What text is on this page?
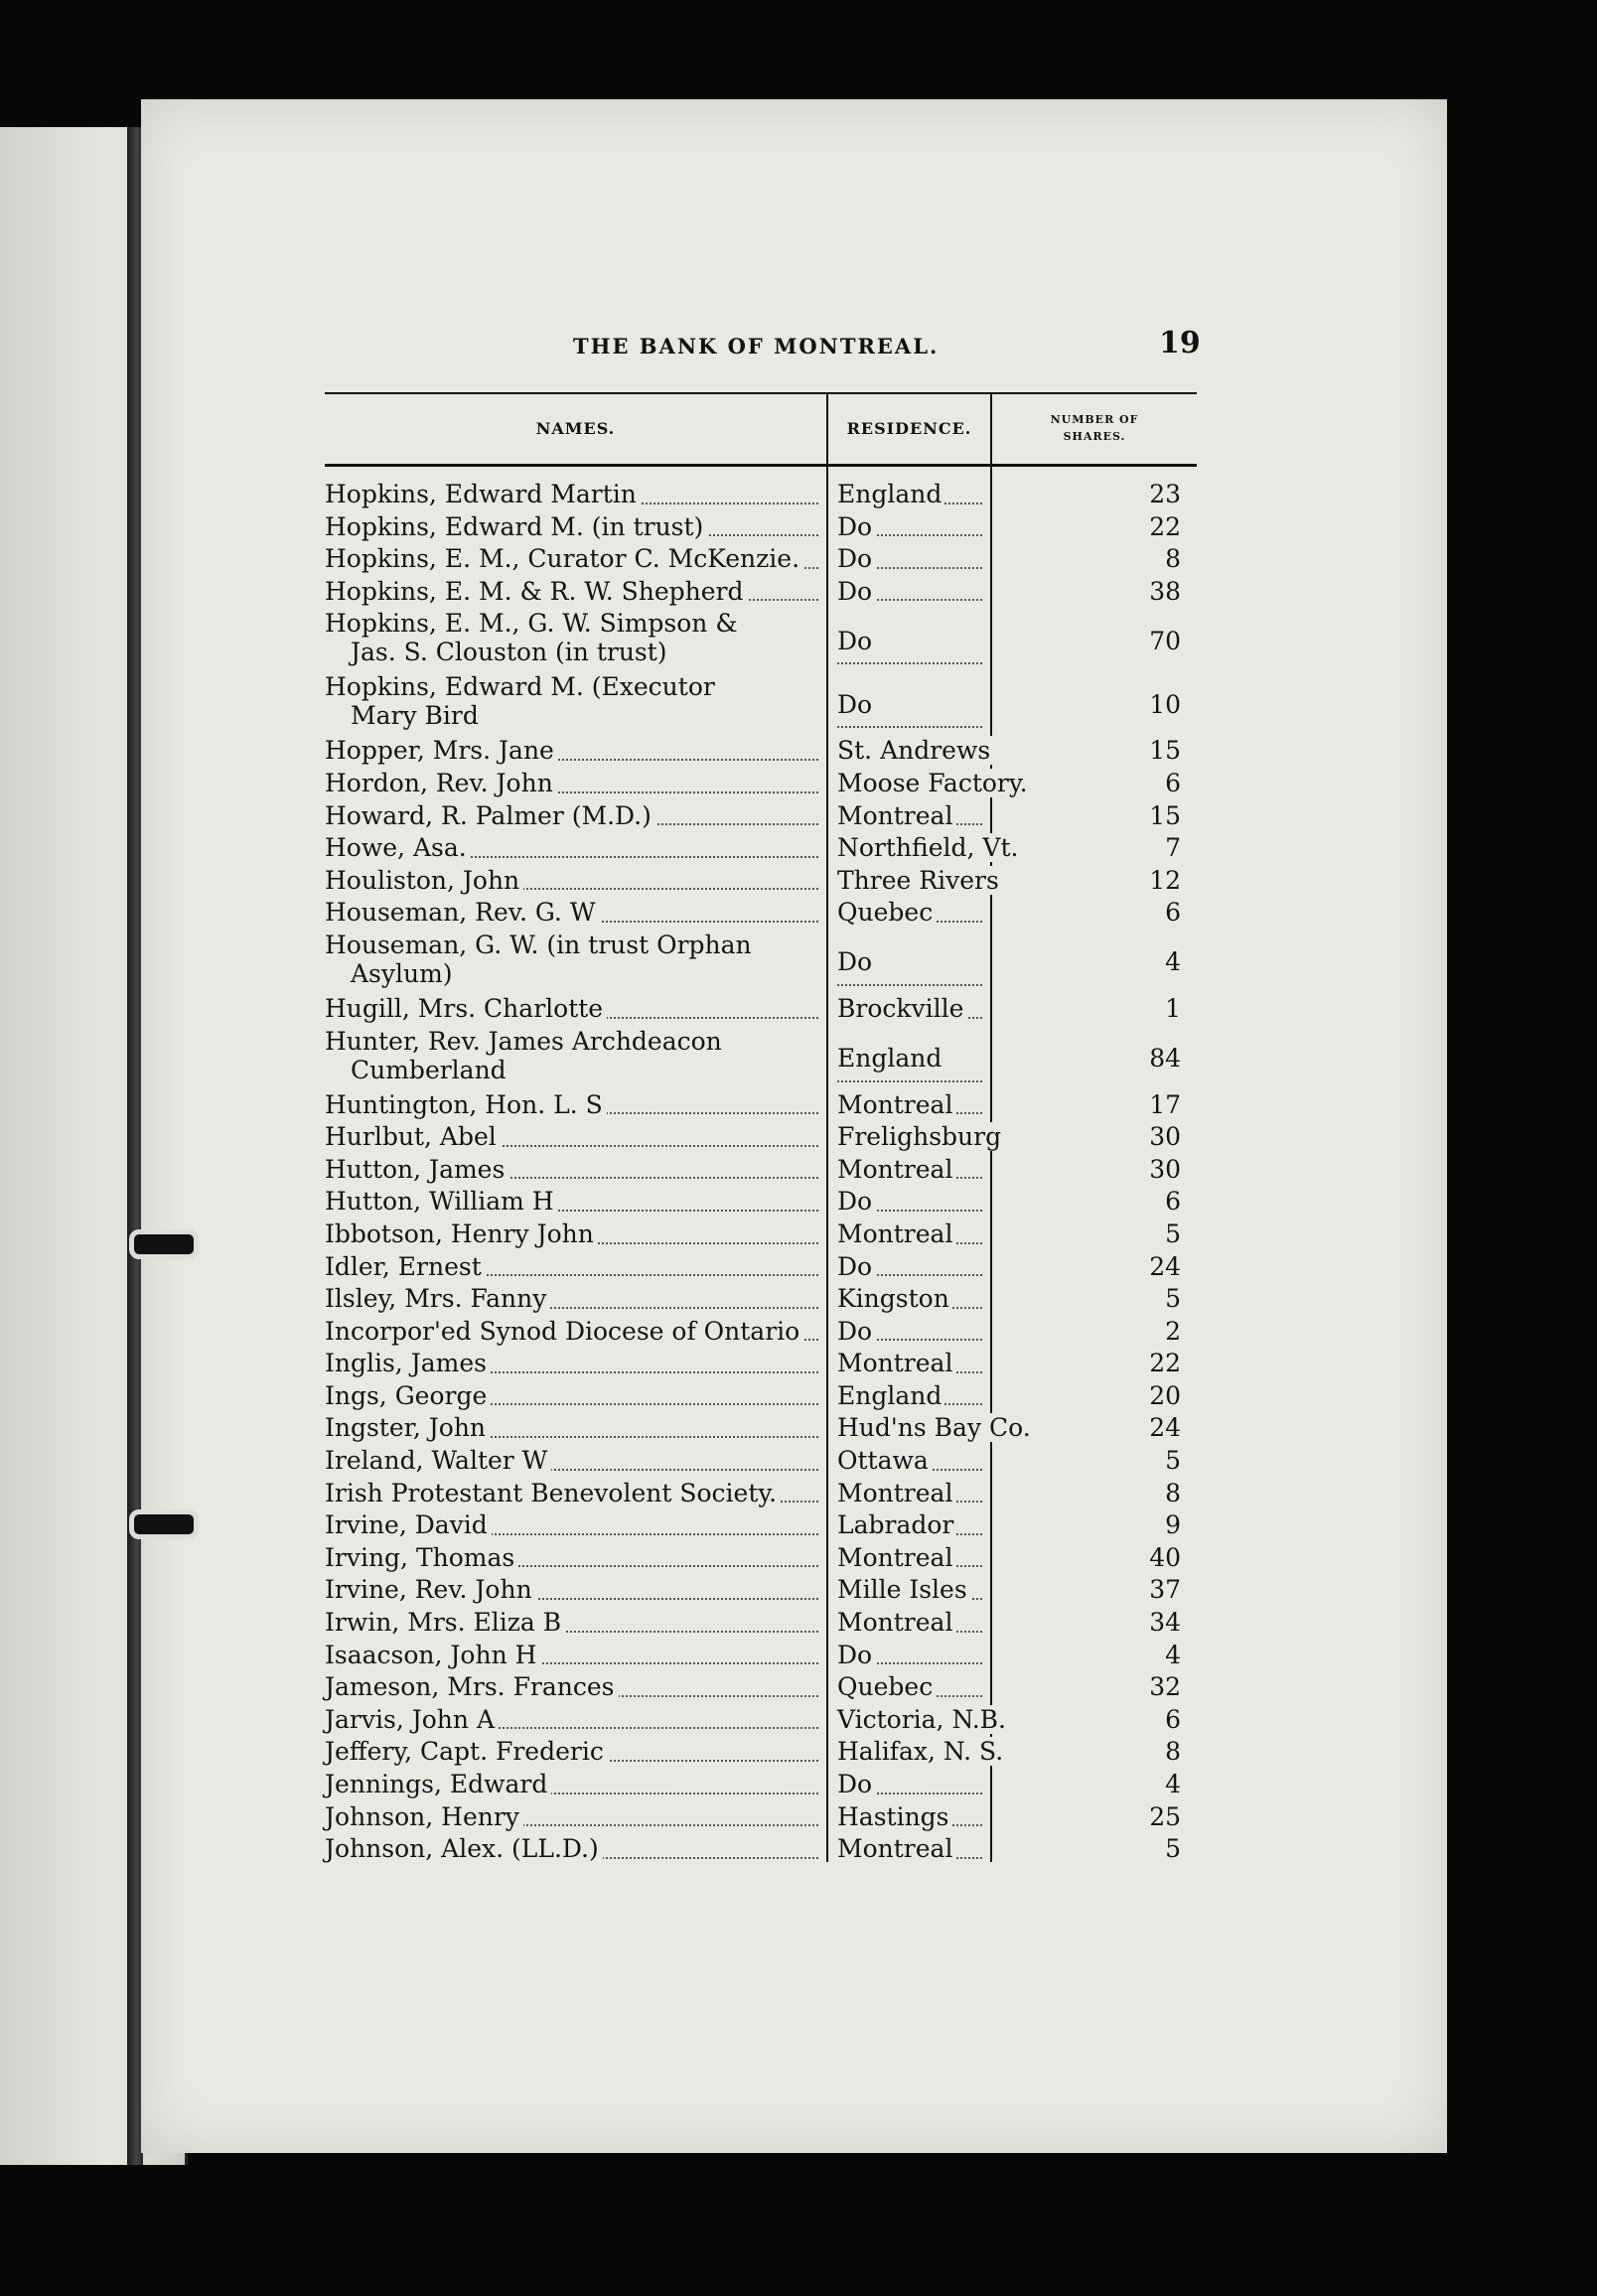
THE BANK OF MONTREAL.	19
NAMES.	RESIDENCE.	NUMBER OF
SHARES.
Hopkins, Edward Martin	England	23
Hopkins, Edward M. (in trust)	Do	22
Hopkins, E. M., Curator C. McKenzie.	Do	8
Hopkins, E. M. & R. W. Shepherd	Do	38
Hopkins, E. M., G. W. Simpson &
Jas. S. Clouston (in trust)	Do	70
Hopkins, Edward M. (Executor
Mary Bird	Do	10
Hopper, Mrs. Jane	St. Andrews	15
Hordon, Rev. John	Moose Factory.	6
Howard, R. Palmer (M.D.)	Montreal	15
Howe, Asa.	Northfield, Vt.	7
Houliston, John	Three Rivers	12
Houseman, Rev. G. W	Quebec	6
Houseman, G. W. (in trust Orphan
Asylum)	Do	4
Hugill, Mrs. Charlotte	Brockville	1
Hunter, Rev. James Archdeacon
Cumberland	England	84
Huntington, Hon. L. S	Montreal	17
Hurlbut, Abel	Frelighsburg	30
Hutton, James	Montreal	30
Hutton, William H	Do	6
Ibbotson, Henry John	Montreal	5
Idler, Ernest	Do	24
Ilsley, Mrs. Fanny	Kingston	5
Incorpor'ed Synod Diocese of Ontario	Do	2
Inglis, James	Montreal	22
Ings, George	England	20
Ingster, John	Hud'ns Bay Co.	24
Ireland, Walter W	Ottawa	5
Irish Protestant Benevolent Society.	Montreal	8
Irvine, David	Labrador	9
Irving, Thomas	Montreal	40
Irvine, Rev. John	Mille Isles	37
Irwin, Mrs. Eliza B	Montreal	34
Isaacson, John H	Do	4
Jameson, Mrs. Frances	Quebec	32
Jarvis, John A	Victoria, N.B.	6
Jeffery, Capt. Frederic	Halifax, N. S.	8
Jennings, Edward	Do	4
Johnson, Henry	Hastings	25
Johnson, Alex. (LL.D.)	Montreal	5
